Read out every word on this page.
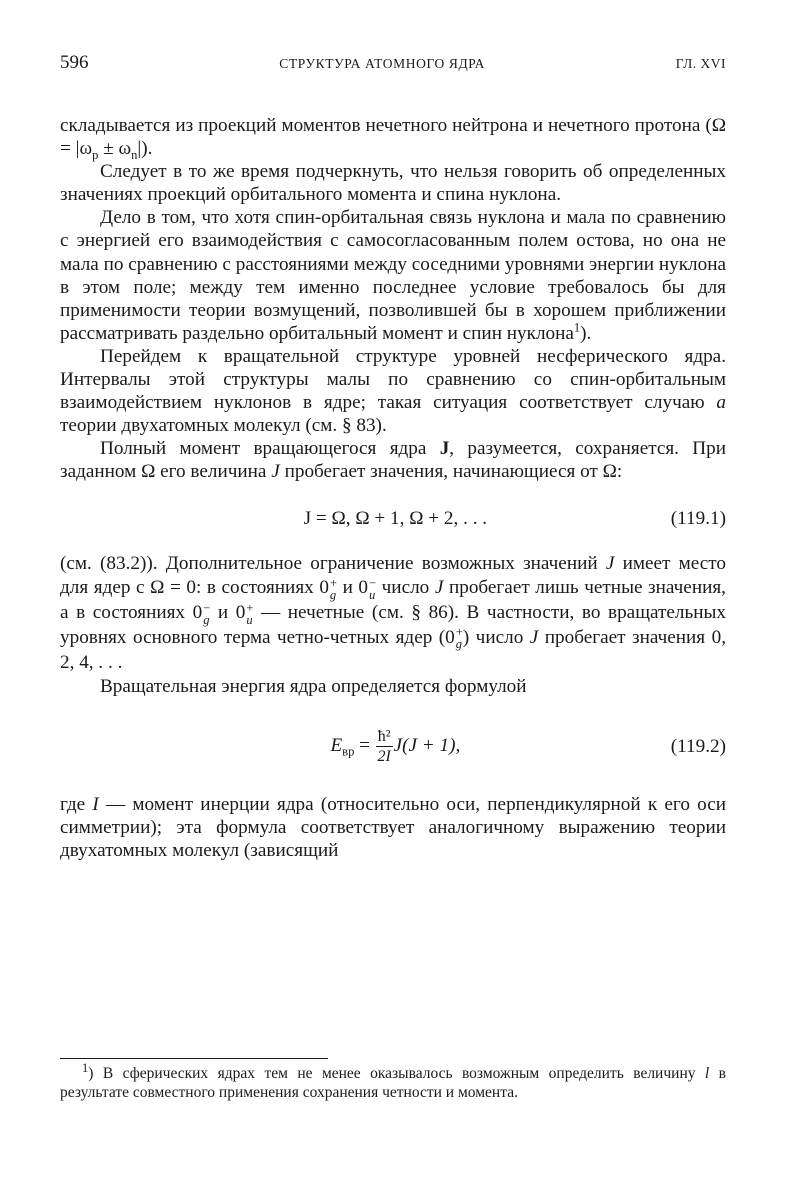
596	СТРУКТУРА АТОМНОГО ЯДРА	ГЛ. XVI

складывается из проекций моментов нечетного нейтрона и нечетного протона $(\Omega = |\omega_p \pm \omega_n|)$.

Следует в то же время подчеркнуть, что нельзя говорить об определенных значениях проекций орбитального момента и спина нуклона.

Дело в том, что хотя спин-орбитальная связь нуклона и мала по сравнению с энергией его взаимодействия с самосогласованным полем остова, но она не мала по сравнению с расстояниями между соседними уровнями энергии нуклона в этом поле; между тем именно последнее условие требовалось бы для применимости теории возмущений, позволившей бы в хорошем приближении рассматривать раздельно орбитальный момент и спин нуклона$^1$).

Перейдем к вращательной структуре уровней несферического ядра. Интервалы этой структуры малы по сравнению со спин-орбитальным взаимодействием нуклонов в ядре; такая ситуация соответствует случаю a теории двухатомных молекул (см. § 83).

Полный момент вращающегося ядра J, разумеется, сохраняется. При заданном Ω его величина J пробегает значения, начинающиеся от Ω:

J = Ω, Ω + 1, Ω + 2, . . .	(119.1)

(см. (83.2)). Дополнительное ограничение возможных значений J имеет место для ядер с Ω = 0: в состояниях 0 +
g и 0 −
u число J пробегает лишь четные значения, а в состояниях 0 −
g и 0 +
u — нечетные (см. § 86). В частности, во вращательных уровнях основного терма четно-четных ядер (0 +
g ) число J пробегает значения 0, 2, 4, . . .

Вращательная энергия ядра определяется формулой

$E_{вр} = \frac{\text{ħ²}}{2I} J(J + 1)$,	(119.2)

где I — момент инерции ядра (относительно оси, перпендикулярной к его оси симметрии); эта формула соответствует аналогичному выражению теории двухатомных молекул (зависящий

$^1$) В сферических ядрах тем не менее оказывалось возможным определить величину l в результате совместного применения сохранения четности и момента.
